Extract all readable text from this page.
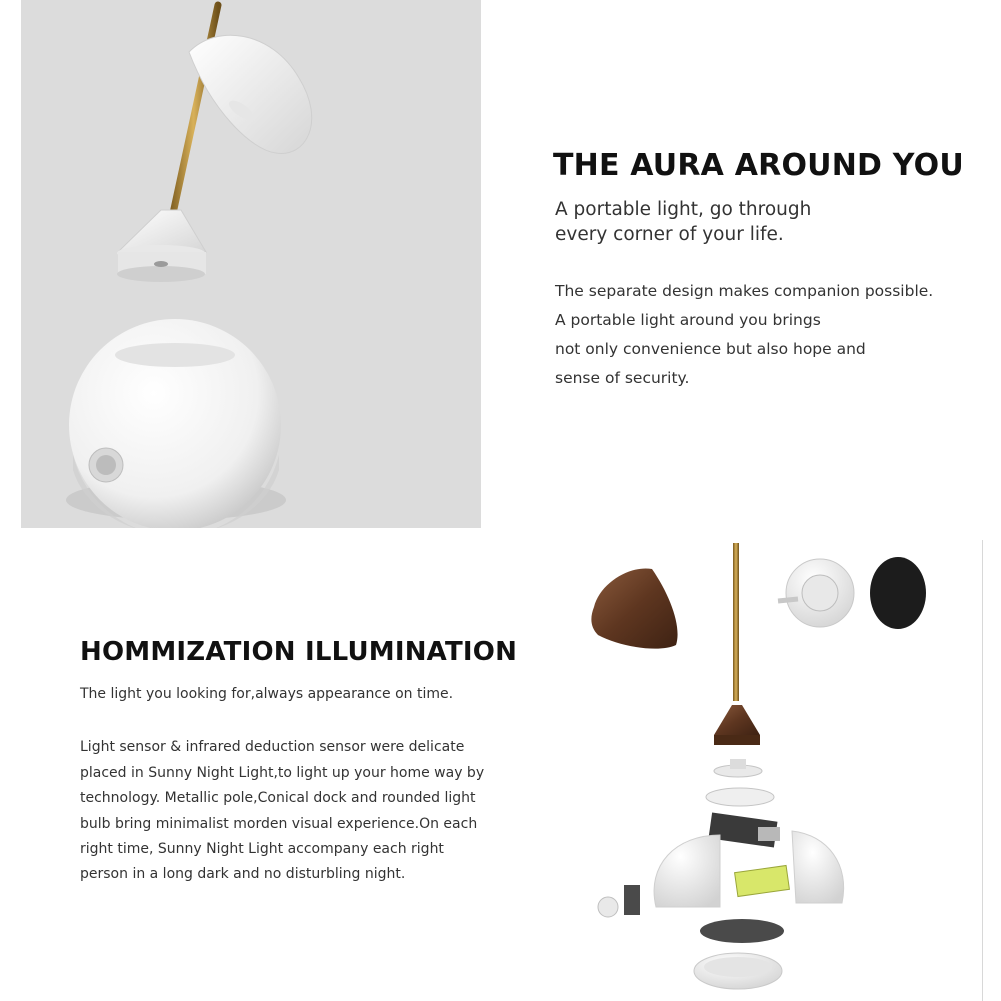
THE AURA AROUND YOU
A portable light, go through
every corner of your life.
The separate design makes companion possible.
A portable light around you brings
not only convenience but also hope and
sense of security.
HOMMIZATION ILLUMINATION
The light you looking for,always appearance on time.
Light sensor & infrared deduction sensor were delicate
placed in Sunny Night Light,to light up your home way by
technology. Metallic pole,Conical dock and rounded light
bulb bring minimalist morden visual experience.On each
right time, Sunny Night Light accompany each right
person in a long dark and no disturbling night.
